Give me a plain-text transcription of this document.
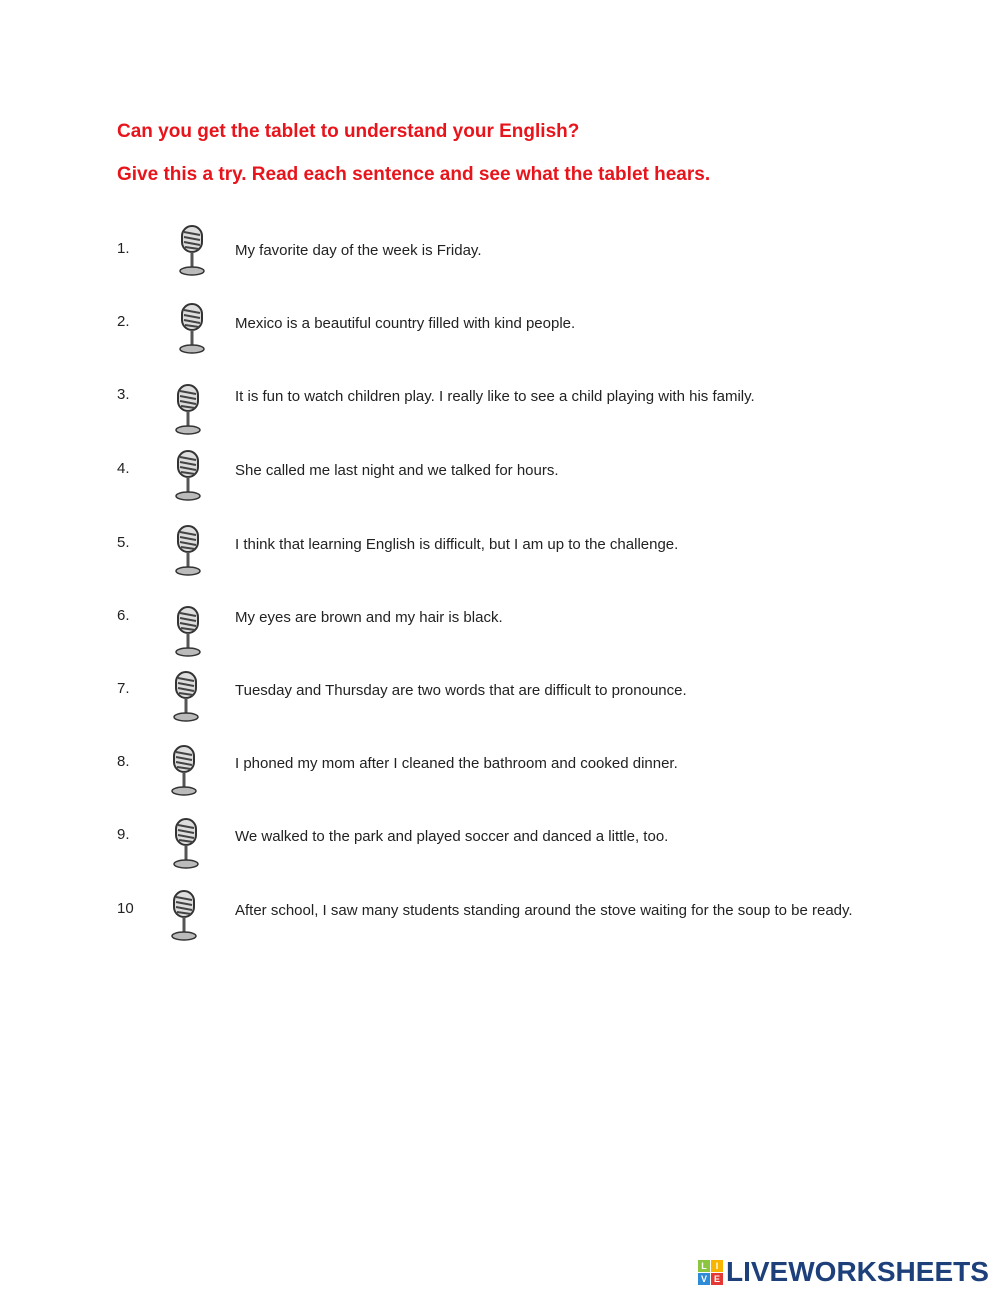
Can you get the tablet to understand your English?
Give this a try. Read each sentence and see what the tablet hears.
1.	My favorite day of the week is Friday.
2.	Mexico is a beautiful country filled with kind people.
3.	It is fun to watch children play. I really like to see a child playing with his family.
4.	She called me last night and we talked for hours.
5.	I think that learning English is difficult, but I am up to the challenge.
6.	My eyes are brown and my hair is black.
7.	Tuesday and Thursday are two words that are difficult to pronounce.
8.	I phoned my mom after I cleaned the bathroom and cooked dinner.
9.	We walked to the park and played soccer and danced a little, too.
10	After school, I saw many students standing around the stove waiting for the soup to be ready.
L I
V E LIVEWORKSHEETS
